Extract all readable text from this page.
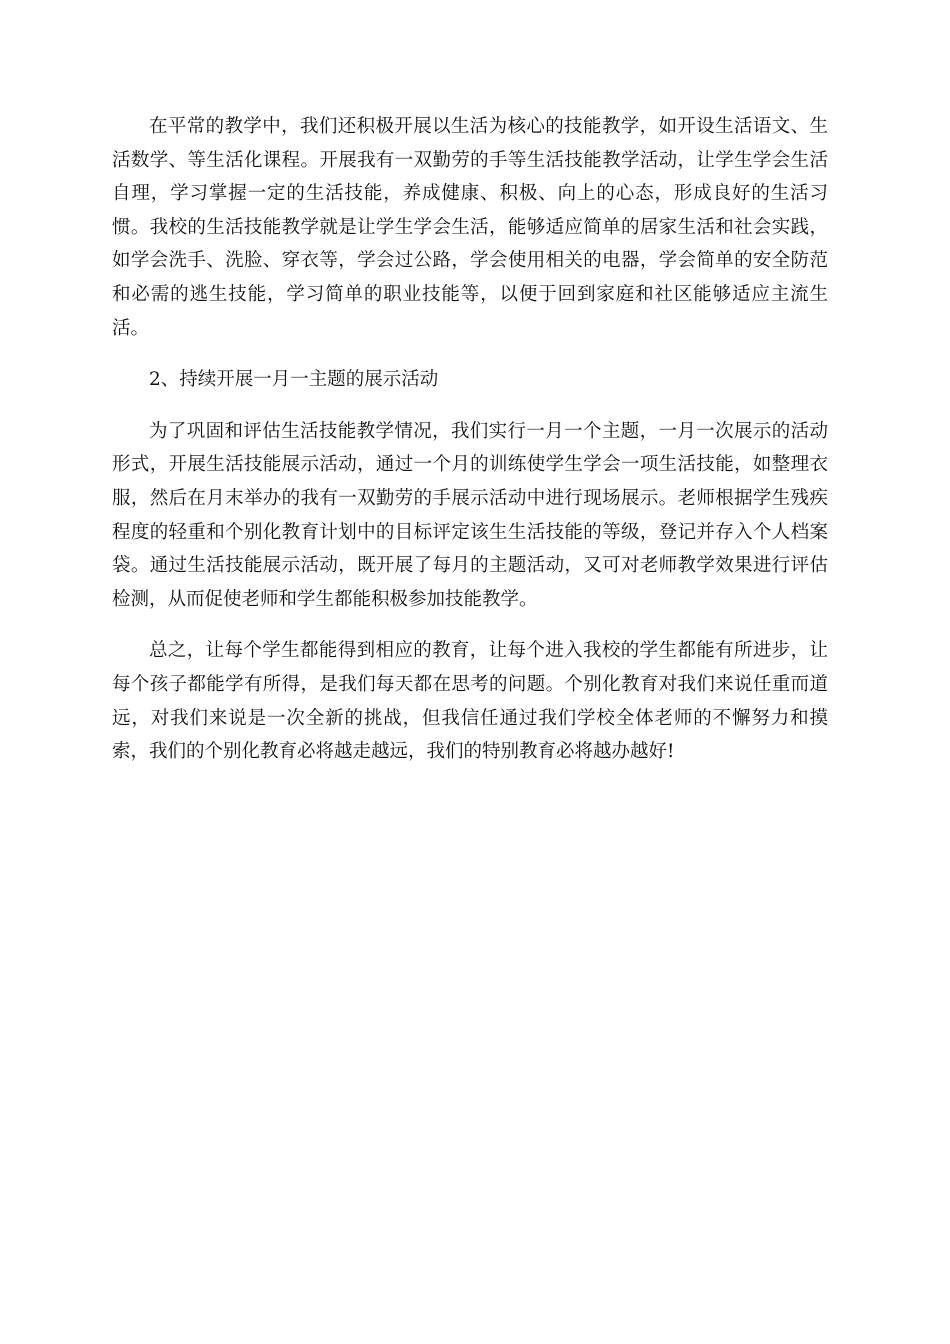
在平常的教学中，我们还积极开展以生活为核心的技能教学，如开设生活语文、生活数学、等生活化课程。开展我有一双勤劳的手等生活技能教学活动，让学生学会生活自理，学习掌握一定的生活技能，养成健康、积极、向上的心态，形成良好的生活习惯。我校的生活技能教学就是让学生学会生活，能够适应简单的居家生活和社会实践，如学会洗手、洗脸、穿衣等，学会过公路，学会使用相关的电器，学会简单的安全防范和必需的逃生技能，学习简单的职业技能等，以便于回到家庭和社区能够适应主流生活。

2、持续开展一月一主题的展示活动

为了巩固和评估生活技能教学情况，我们实行一月一个主题，一月一次展示的活动形式，开展生活技能展示活动，通过一个月的训练使学生学会一项生活技能，如整理衣服，然后在月末举办的我有一双勤劳的手展示活动中进行现场展示。老师根据学生残疾程度的轻重和个别化教育计划中的目标评定该生生活技能的等级，登记并存入个人档案袋。通过生活技能展示活动，既开展了每月的主题活动，又可对老师教学效果进行评估检测，从而促使老师和学生都能积极参加技能教学。

总之，让每个学生都能得到相应的教育，让每个进入我校的学生都能有所进步，让每个孩子都能学有所得，是我们每天都在思考的问题。个别化教育对我们来说任重而道远，对我们来说是一次全新的挑战，但我信任通过我们学校全体老师的不懈努力和摸索，我们的个别化教育必将越走越远，我们的特别教育必将越办越好!
